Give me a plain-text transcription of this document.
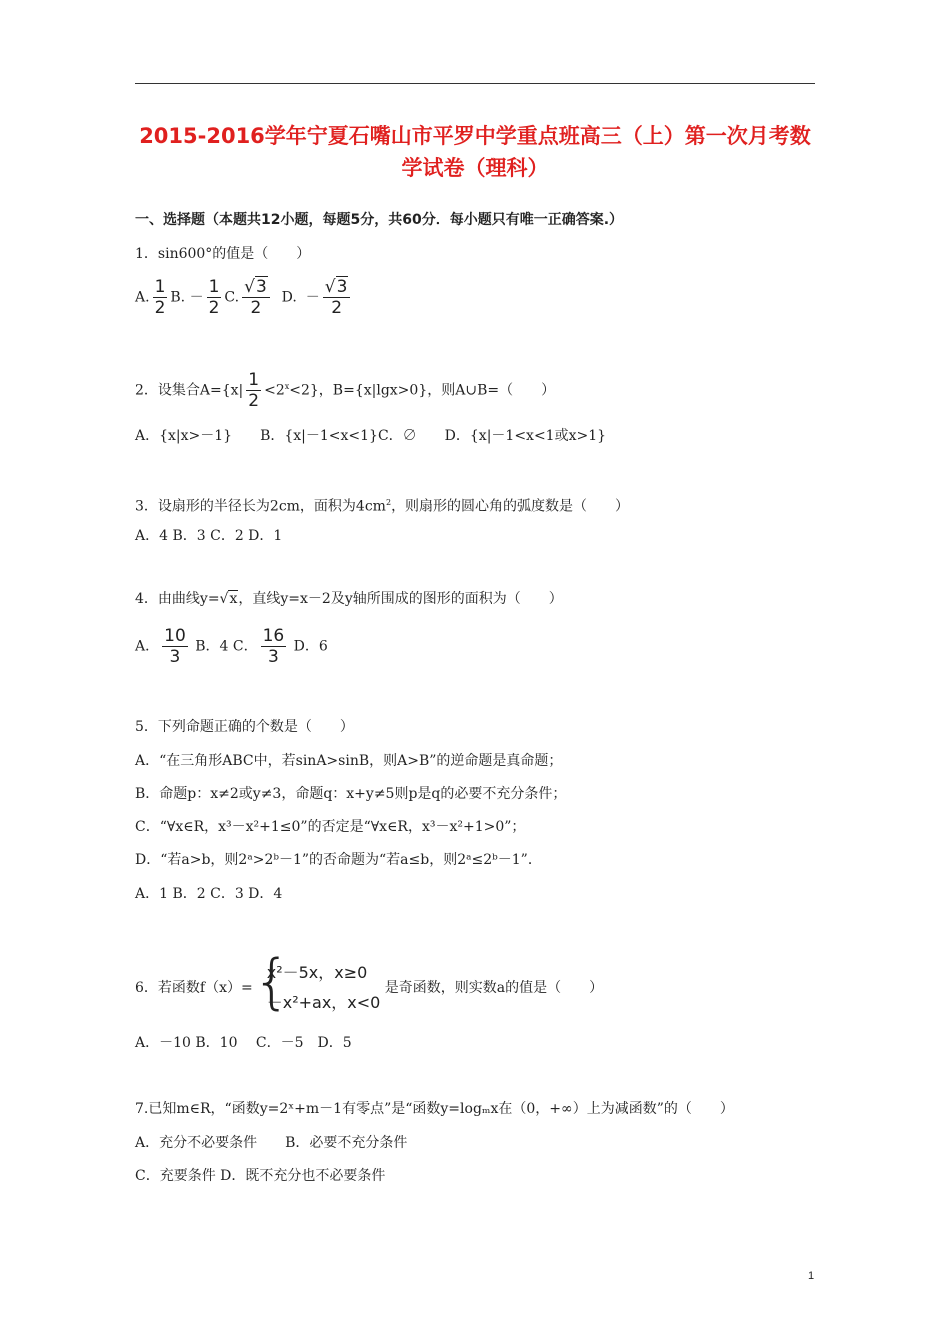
2015-2016学年宁夏石嘴山市平罗中学重点班高三（上）第一次月考数
学试卷（理科）
一、选择题（本题共12小题，每题5分，共60分．每小题只有唯一正确答案.）
1．sin600°的值是（　　）
A. $\frac{1}{2} B$. － $\frac{1}{2} C$. $\frac{√3}{2} D$. － $\frac{√3}{2}$
2．设集合$A=\{x| \frac{1}{2} <2^x<2\}$，B={x|lgx>0}，则A∪B=（　　）
A．{x|x>－1}　　B．{x|－1<x<1}C．∅　　D．{x|－1<x<1或x>1}
3．设扇形的半径长为2cm，面积为$4cm^2$，则扇形的圆心角的弧度数是（　　）
A．4 B．3 C．2 D．1
4．由曲线y=√x，直线y=x－2及y轴所围成的图形的面积为（　　）
A． $\frac{10}{3}$ B．4 C． $\frac{16}{3}$ D．6
5．下列命题正确的个数是（　　）
A．“在三角形ABC中，若sinA>sinB，则A>B”的逆命题是真命题；
B．命题p：x≠2或y≠3，命题q：x+y≠5则p是q的必要不充分条件；
C．“∀x∈R，x³－x²+1≤0”的否定是“∀x∈R，x³－x²+1>0”；
D．“若a>b，则2ᵃ>2ᵇ－1”的否命题为“若a≤b，则2ᵃ≤2ᵇ－1”．
A．1 B．2 C．3 D．4
6．若函数f（x）= {
x²－5x，x≥0
－x²+ax，x<0
是奇函数，则实数a的值是（　　）
A．－10 B．10　 C．－5　D．5
7.已知m∈R，“函数y=2ˣ+m－1有零点”是“函数y=logₘx在（0，+∞）上为减函数”的（　　）
A．充分不必要条件　　B．必要不充分条件
C．充要条件 D．既不充分也不必要条件
1
